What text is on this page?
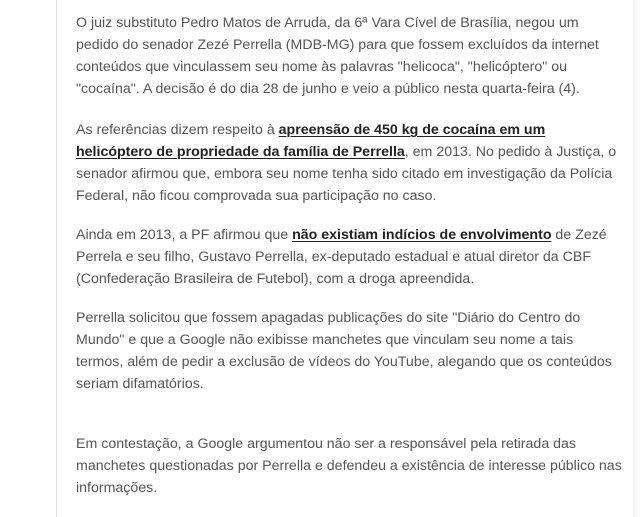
O juiz substituto Pedro Matos de Arruda, da 6ª Vara Cível de Brasília, negou um pedido do senador Zezé Perrella (MDB-MG) para que fossem excluídos da internet conteúdos que vinculassem seu nome às palavras "helicoca", "helicóptero" ou "cocaína". A decisão é do dia 28 de junho e veio a público nesta quarta-feira (4).

As referências dizem respeito à apreensão de 450 kg de cocaína em um helicóptero de propriedade da família de Perrella, em 2013. No pedido à Justiça, o senador afirmou que, embora seu nome tenha sido citado em investigação da Polícia Federal, não ficou comprovada sua participação no caso.

Ainda em 2013, a PF afirmou que não existiam indícios de envolvimento de Zezé Perrela e seu filho, Gustavo Perrella, ex-deputado estadual e atual diretor da CBF (Confederação Brasileira de Futebol), com a droga apreendida.

Perrella solicitou que fossem apagadas publicações do site "Diário do Centro do Mundo" e que a Google não exibisse manchetes que vinculam seu nome a tais termos, além de pedir a exclusão de vídeos do YouTube, alegando que os conteúdos seriam difamatórios.

Em contestação, a Google argumentou não ser a responsável pela retirada das manchetes questionadas por Perrella e defendeu a existência de interesse público nas informações.
